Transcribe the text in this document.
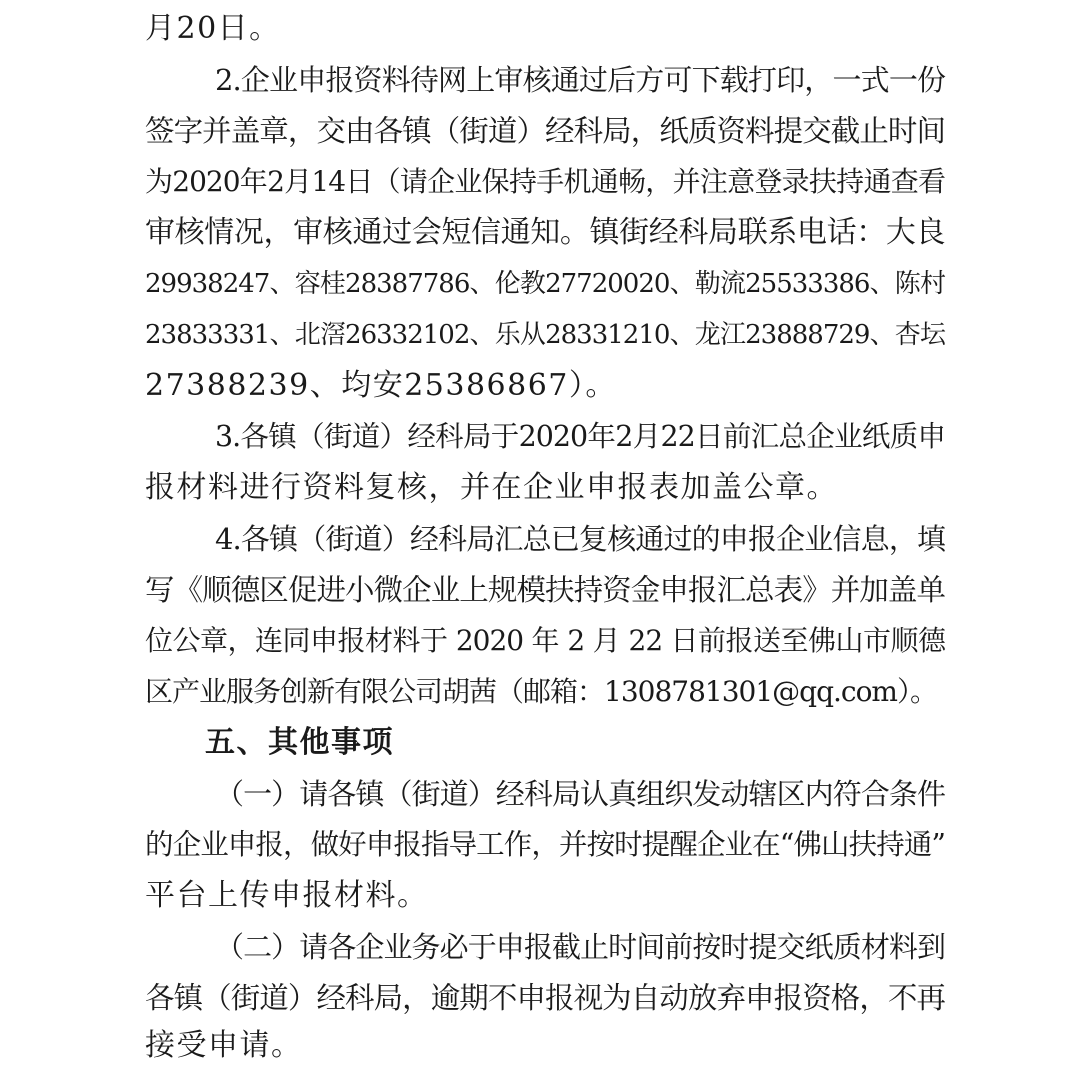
月20日。
2.企业申报资料待网上审核通过后方可下载打印，一式一份
签字并盖章，交由各镇（街道）经科局，纸质资料提交截止时间
为2020年2月14日（请企业保持手机通畅，并注意登录扶持通查看
审核情况，审核通过会短信通知。镇街经科局联系电话：大良
29938247、容桂28387786、伦教27720020、勒流25533386、陈村
23833331、北滘26332102、乐从28331210、龙江23888729、杏坛
27388239、均安25386867）。
3.各镇（街道）经科局于2020年2月22日前汇总企业纸质申
报材料进行资料复核，并在企业申报表加盖公章。
4.各镇（街道）经科局汇总已复核通过的申报企业信息，填
写《顺德区促进小微企业上规模扶持资金申报汇总表》并加盖单
位公章，连同申报材料于 2020 年 2 月 22 日前报送至佛山市顺德
区产业服务创新有限公司胡茜（邮箱：1308781301@qq.com）。
五、其他事项
（一）请各镇（街道）经科局认真组织发动辖区内符合条件
的企业申报，做好申报指导工作，并按时提醒企业在“佛山扶持通”
平台上传申报材料。
（二）请各企业务必于申报截止时间前按时提交纸质材料到
各镇（街道）经科局，逾期不申报视为自动放弃申报资格，不再
接受申请。
